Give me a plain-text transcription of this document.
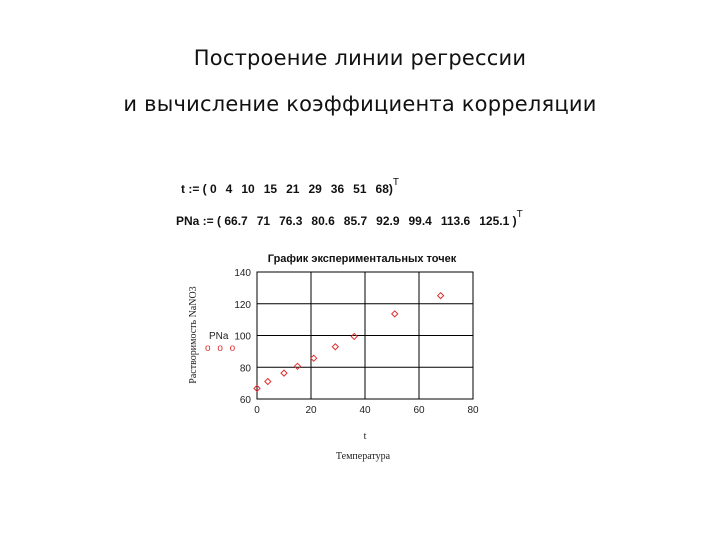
Построение линии регрессии
и вычисление коэффициента корреляции
t := ( 0 4 10 15 21 29 36 51 68)$^T$
PNa := ( 66.7 71 76.3 80.6 85.7 92.9 99.4 113.6 125.1 )$^T$
График экспериментальных точек
0	20	40	60	80
60
80
100
120
140
Растворимость NaNO3 PNa
o o o
t
Температура
